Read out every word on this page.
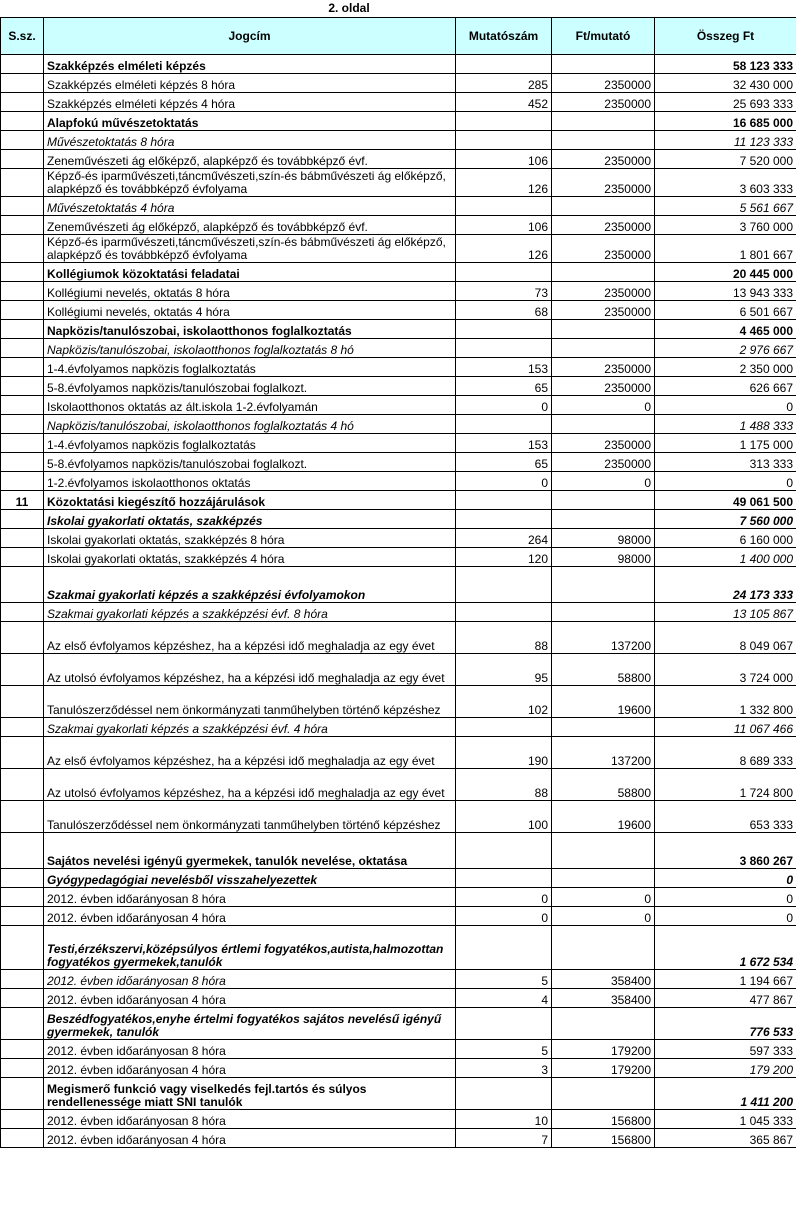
	2. oldal			
S.sz.	Jogcím	Mutatószám	Ft/mutató	Összeg Ft
	Szakképzés elméleti képzés			58 123 333
	Szakképzés elméleti képzés 8 hóra	285	2350000	32 430 000
	Szakképzés elméleti képzés 4 hóra	452	2350000	25 693 333
	Alapfokú művészetoktatás			16 685 000
	Művészetoktatás 8 hóra			11 123 333
	Zeneművészeti ág előképző, alapképző és továbbképző évf.	106	2350000	7 520 000
	Képző-és iparművészeti,táncművészeti,szín-és bábművészeti ág előképző, alapképző és továbbképző évfolyama	126	2350000	3 603 333
	Művészetoktatás 4 hóra			5 561 667
	Zeneművészeti ág előképző, alapképző és továbbképző évf.	106	2350000	3 760 000
	Képző-és iparművészeti,táncművészeti,szín-és bábművészeti ág előképző, alapképző és továbbképző évfolyama	126	2350000	1 801 667
	Kollégiumok közoktatási feladatai			20 445 000
	Kollégiumi nevelés, oktatás 8 hóra	73	2350000	13 943 333
	Kollégiumi nevelés, oktatás 4 hóra	68	2350000	6 501 667
	Napközis/tanulószobai, iskolaotthonos foglalkoztatás			4 465 000
	Napközis/tanulószobai, iskolaotthonos foglalkoztatás 8 hó			2 976 667
	1-4.évfolyamos napközis foglalkoztatás	153	2350000	2 350 000
	5-8.évfolyamos napközis/tanulószobai foglalkozt.	65	2350000	626 667
	Iskolaotthonos oktatás az ált.iskola 1-2.évfolyamán	0	0	0
	Napközis/tanulószobai, iskolaotthonos foglalkoztatás 4 hó			1 488 333
	1-4.évfolyamos napközis foglalkoztatás	153	2350000	1 175 000
	5-8.évfolyamos napközis/tanulószobai foglalkozt.	65	2350000	313 333
	1-2.évfolyamos iskolaotthonos oktatás	0	0	0
11	Közoktatási kiegészítő hozzájárulások			49 061 500
	Iskolai gyakorlati oktatás, szakképzés			7 560 000
	Iskolai gyakorlati oktatás, szakképzés 8 hóra	264	98000	6 160 000
	Iskolai gyakorlati oktatás, szakképzés 4 hóra	120	98000	1 400 000
	Szakmai gyakorlati képzés a szakképzési évfolyamokon			24 173 333
	Szakmai gyakorlati képzés a szakképzési évf. 8 hóra			13 105 867
	Az első évfolyamos képzéshez, ha a képzési idő meghaladja az egy évet	88	137200	8 049 067
	Az utolsó évfolyamos képzéshez, ha a képzési idő meghaladja az egy évet	95	58800	3 724 000
	Tanulószerződéssel nem önkormányzati tanműhelyben történő képzéshez	102	19600	1 332 800
	Szakmai gyakorlati képzés a szakképzési évf. 4 hóra			11 067 466
	Az első évfolyamos képzéshez, ha a képzési idő meghaladja az egy évet	190	137200	8 689 333
	Az utolsó évfolyamos képzéshez, ha a képzési idő meghaladja az egy évet	88	58800	1 724 800
	Tanulószerződéssel nem önkormányzati tanműhelyben történő képzéshez	100	19600	653 333
	Sajátos nevelési igényű gyermekek, tanulók nevelése, oktatása			3 860 267
	Gyógypedagógiai nevelésből visszahelyezettek			0
	2012. évben időarányosan 8 hóra	0	0	0
	2012. évben időarányosan 4 hóra	0	0	0
	Testi,érzékszervi,középsúlyos értlemi fogyatékos,autista,halmozottan fogyatékos gyermekek,tanulók			1 672 534
	2012. évben időarányosan 8 hóra	5	358400	1 194 667
	2012. évben időarányosan 4 hóra	4	358400	477 867
	Beszédfogyatékos,enyhe értelmi fogyatékos sajátos nevelésű igényű gyermekek, tanulók			776 533
	2012. évben időarányosan 8 hóra	5	179200	597 333
	2012. évben időarányosan 4 hóra	3	179200	179 200
	Megismerő funkció vagy viselkedés fejl.tartós és súlyos rendellenessége miatt SNI tanulók			1 411 200
	2012. évben időarányosan 8 hóra	10	156800	1 045 333
	2012. évben időarányosan 4 hóra	7	156800	365 867
